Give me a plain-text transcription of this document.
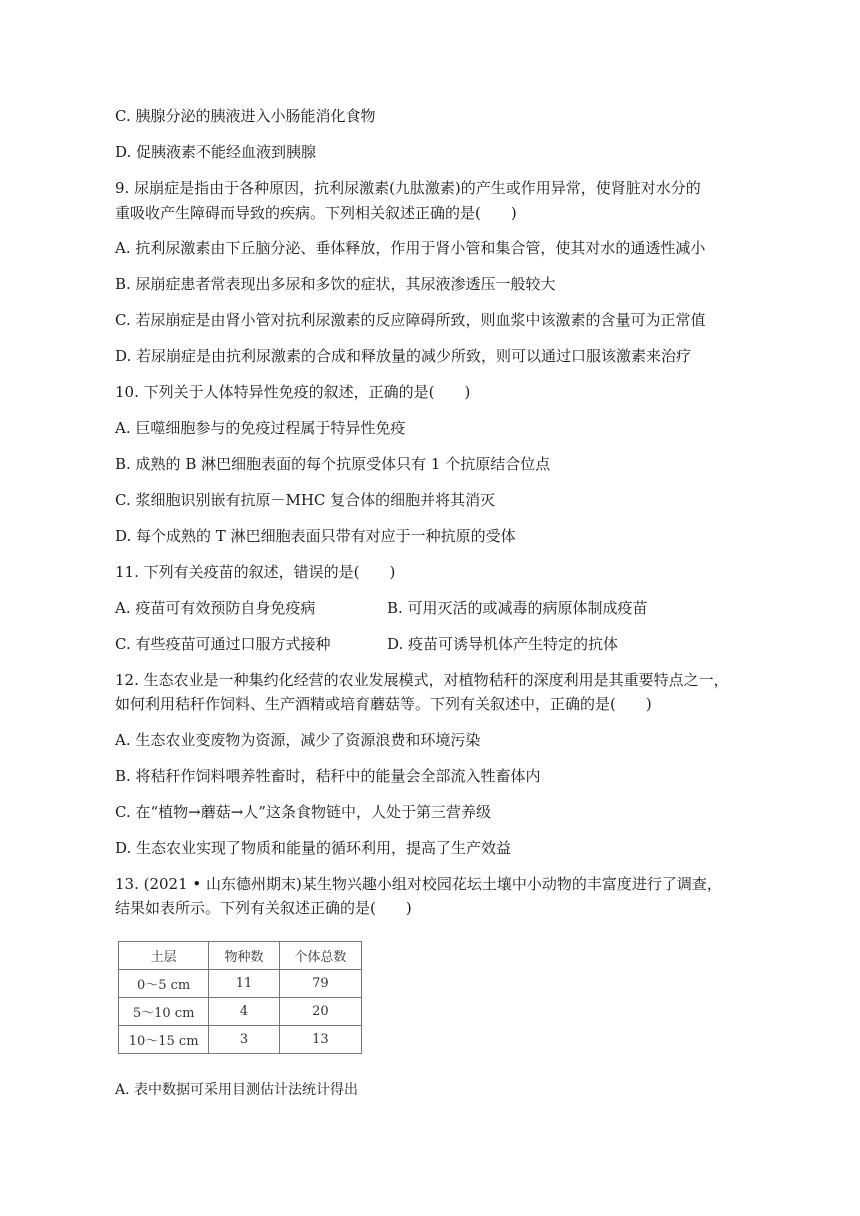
C. 胰腺分泌的胰液进入小肠能消化食物
D. 促胰液素不能经血液到胰腺
9. 尿崩症是指由于各种原因，抗利尿激素(九肽激素)的产生或作用异常，使肾脏对水分的
重吸收产生障碍而导致的疾病。下列相关叙述正确的是(　　)
A. 抗利尿激素由下丘脑分泌、垂体释放，作用于肾小管和集合管，使其对水的通透性减小
B. 尿崩症患者常表现出多尿和多饮的症状，其尿液渗透压一般较大
C. 若尿崩症是由肾小管对抗利尿激素的反应障碍所致，则血浆中该激素的含量可为正常值
D. 若尿崩症是由抗利尿激素的合成和释放量的减少所致，则可以通过口服该激素来治疗
10. 下列关于人体特异性免疫的叙述，正确的是(　　)
A. 巨噬细胞参与的免疫过程属于特异性免疫
B. 成熟的 B 淋巴细胞表面的每个抗原受体只有 1 个抗原结合位点
C. 浆细胞识别嵌有抗原－MHC 复合体的细胞并将其消灭
D. 每个成熟的 T 淋巴细胞表面只带有对应于一种抗原的受体
11. 下列有关疫苗的叙述，错误的是(　　)
A. 疫苗可有效预防自身免疫病	B. 可用灭活的或减毒的病原体制成疫苗
C. 有些疫苗可通过口服方式接种	D. 疫苗可诱导机体产生特定的抗体
12. 生态农业是一种集约化经营的农业发展模式，对植物秸秆的深度利用是其重要特点之一，
如何利用秸秆作饲料、生产酒精或培育蘑菇等。下列有关叙述中，正确的是(　　)
A. 生态农业变废物为资源，减少了资源浪费和环境污染
B. 将秸秆作饲料喂养牲畜时，秸秆中的能量会全部流入牲畜体内
C. 在“植物→蘑菇→人”这条食物链中，人处于第三营养级
D. 生态农业实现了物质和能量的循环利用，提高了生产效益
13. (2021 • 山东德州期末)某生物兴趣小组对校园花坛土壤中小动物的丰富度进行了调查，
结果如表所示。下列有关叙述正确的是(　　)
土层	物种数	个体总数
0～5 cm	11	79
5～10 cm	4	20
10～15 cm	3	13
A. 表中数据可采用目测估计法统计得出
